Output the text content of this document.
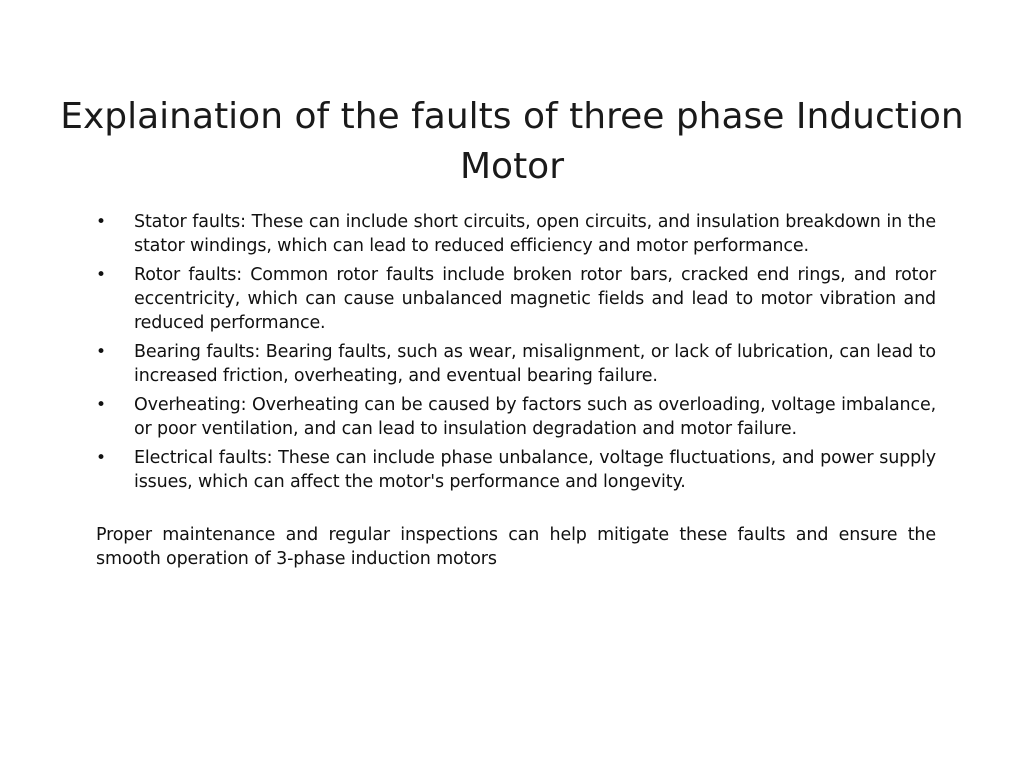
Explaination of the faults of three phase Induction Motor
•	Stator faults: These can include short circuits, open circuits, and insulation breakdown in the stator windings, which can lead to reduced efficiency and motor performance.
•	Rotor faults: Common rotor faults include broken rotor bars, cracked end rings, and rotor eccentricity, which can cause unbalanced magnetic fields and lead to motor vibration and reduced performance.
•	Bearing faults: Bearing faults, such as wear, misalignment, or lack of lubrication, can lead to increased friction, overheating, and eventual bearing failure.
•	Overheating: Overheating can be caused by factors such as overloading, voltage imbalance, or poor ventilation, and can lead to insulation degradation and motor failure.
•	Electrical faults: These can include phase unbalance, voltage fluctuations, and power supply issues, which can affect the motor's performance and longevity.

Proper maintenance and regular inspections can help mitigate these faults and ensure the smooth operation of 3-phase induction motors
